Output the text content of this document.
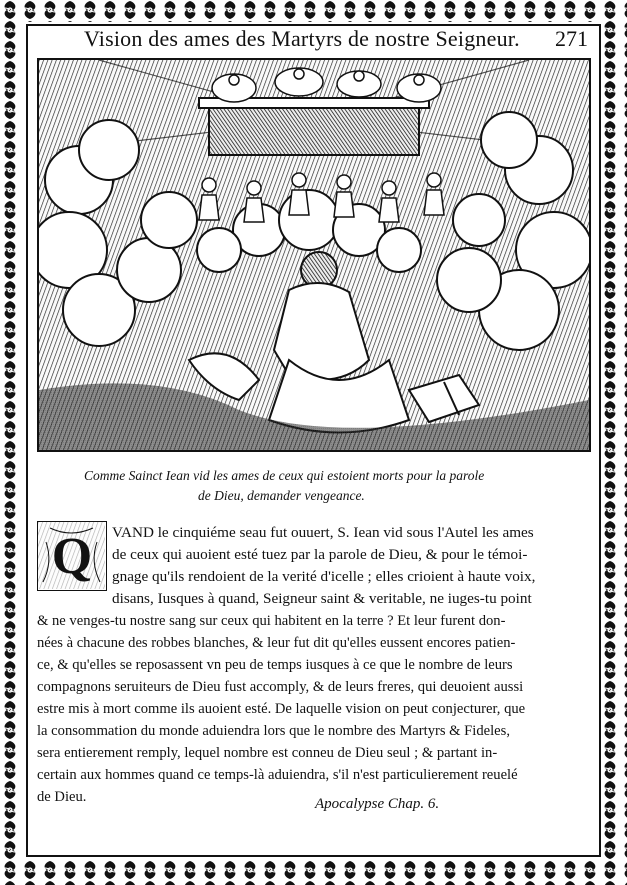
Vision des ames des Martyrs de nostre Seigneur. 271
Comme Sainct Iean vid les ames de ceux qui estoient morts pour la parole
de Dieu, demander vengeance.
Q	VAND le cinquiéme seau fut ouuert, S. Iean vid sous l'Autel les ames
de ceux qui auoient esté tuez par la parole de Dieu, & pour le témoi-
gnage qu'ils rendoient de la verité d'icelle ; elles crioient à haute voix,
disans, Iusques à quand, Seigneur saint & veritable, ne iuges-tu point
& ne venges-tu nostre sang sur ceux qui habitent en la terre ? Et leur furent don-
nées à chacune des robbes blanches, & leur fut dit qu'elles eussent encores patien-
ce, & qu'elles se reposassent vn peu de temps iusques à ce que le nombre de leurs
compagnons seruiteurs de Dieu fust accomply, & de leurs freres, qui deuoient aussi
estre mis à mort comme ils auoient esté. De laquelle vision on peut conjecturer, que
la consommation du monde aduiendra lors que le nombre des Martyrs & Fideles,
sera entierement remply, lequel nombre est conneu de Dieu seul ; & partant in-
certain aux hommes quand ce temps-là aduiendra, s'il n'est particulierement reuelé
de Dieu.	Apocalypse Chap. 6.
